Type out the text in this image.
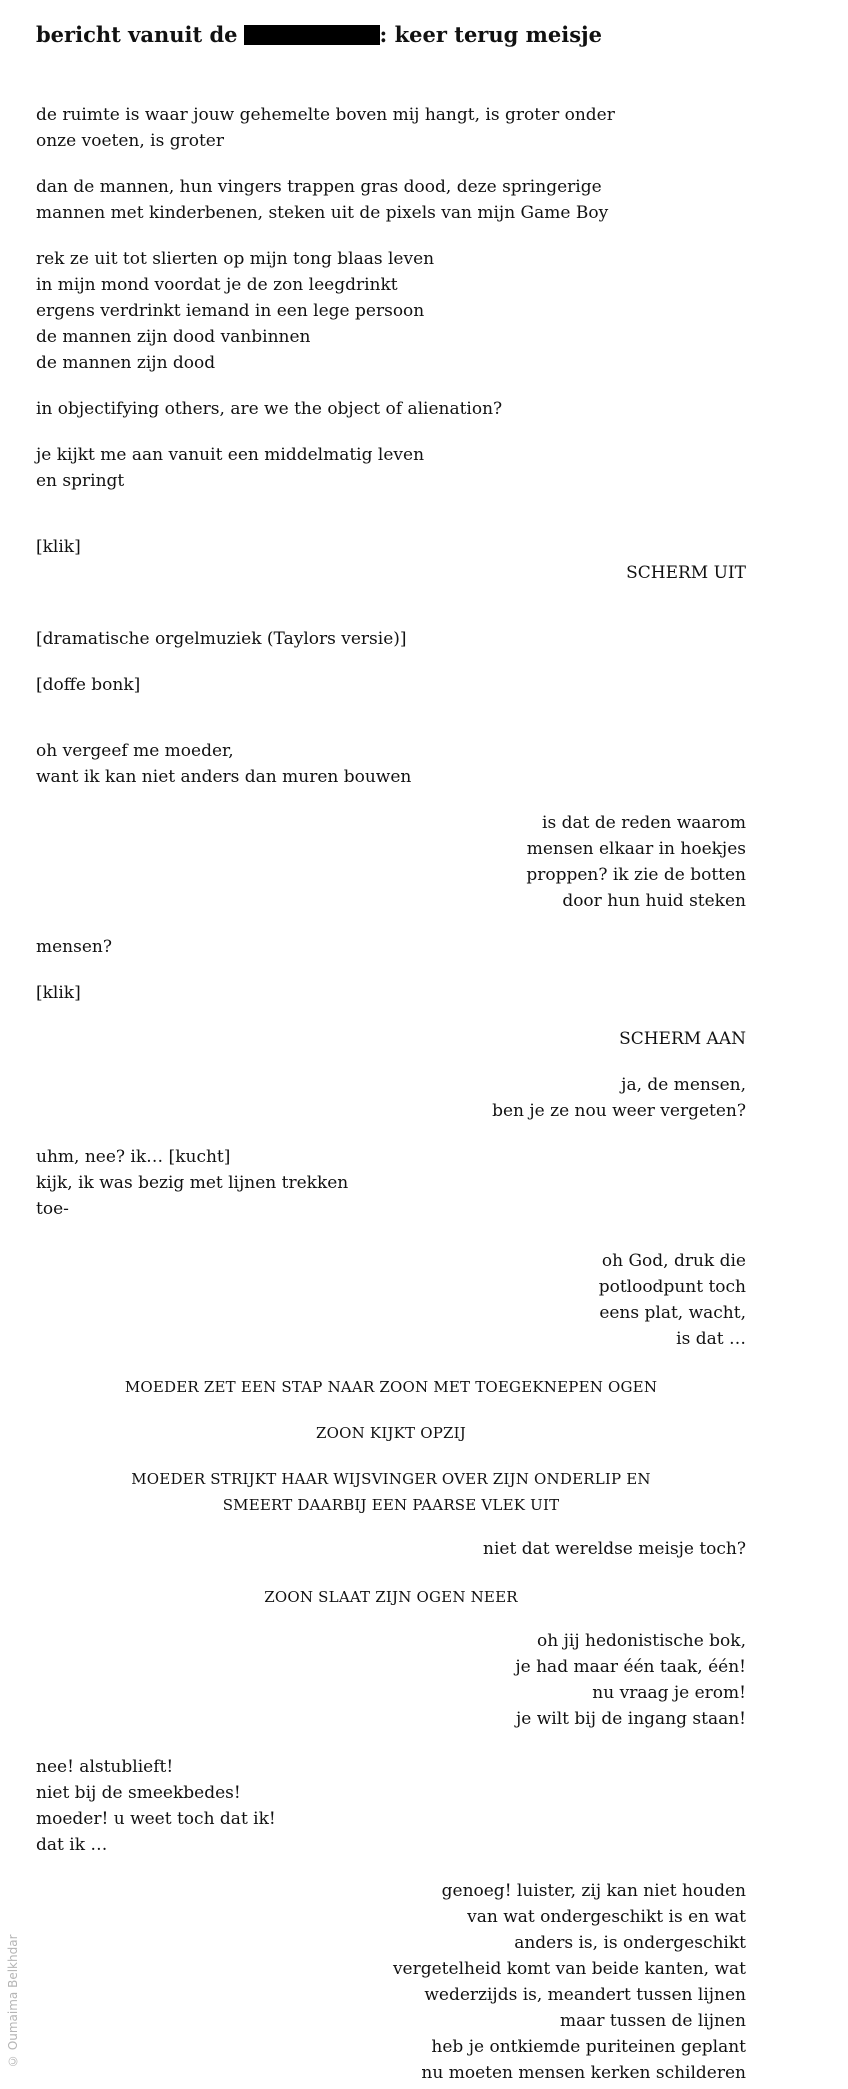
bericht vanuit de	: keer terug meisje
de ruimte is waar jouw gehemelte boven mij hangt, is groter onder
onze voeten, is groter
dan de mannen, hun vingers trappen gras dood, deze springerige
mannen met kinderbenen, steken uit de pixels van mijn Game Boy
rek ze uit tot slierten op mijn tong blaas leven
in mijn mond voordat je de zon leegdrinkt
ergens verdrinkt iemand in een lege persoon
de mannen zijn dood vanbinnen
de mannen zijn dood
in objectifying others, are we the object of alienation?
je kijkt me aan vanuit een middelmatig leven
en springt
[klik]
SCHERM UIT
[dramatische orgelmuziek (Taylors versie)]
[doffe bonk]
oh vergeef me moeder,
want ik kan niet anders dan muren bouwen
is dat de reden waarom
mensen elkaar in hoekjes
proppen? ik zie de botten
door hun huid steken
mensen?
[klik]
SCHERM AAN
ja, de mensen,
ben je ze nou weer vergeten?
uhm, nee? ik… [kucht]
kijk, ik was bezig met lijnen trekken
toe-
oh God, druk die
potloodpunt toch
eens plat, wacht,
is dat …
MOEDER ZET EEN STAP NAAR ZOON MET TOEGEKNEPEN OGEN
ZOON KIJKT OPZIJ
MOEDER STRIJKT HAAR WIJSVINGER OVER ZIJN ONDERLIP EN
SMEERT DAARBIJ EEN PAARSE VLEK UIT
niet dat wereldse meisje toch?
ZOON SLAAT ZIJN OGEN NEER
oh jij hedonistische bok,
je had maar één taak, één!
nu vraag je erom!
je wilt bij de ingang staan!
nee! alstublieft!
niet bij de smeekbedes!
moeder! u weet toch dat ik!
dat ik …
genoeg! luister, zij kan niet houden
van wat ondergeschikt is en wat
anders is, is ondergeschikt
vergetelheid komt van beide kanten, wat
wederzijds is, meandert tussen lijnen
maar tussen de lijnen
heb je ontkiemde puriteinen geplant
nu moeten mensen kerken schilderen
© Oumaima Belkhdar
